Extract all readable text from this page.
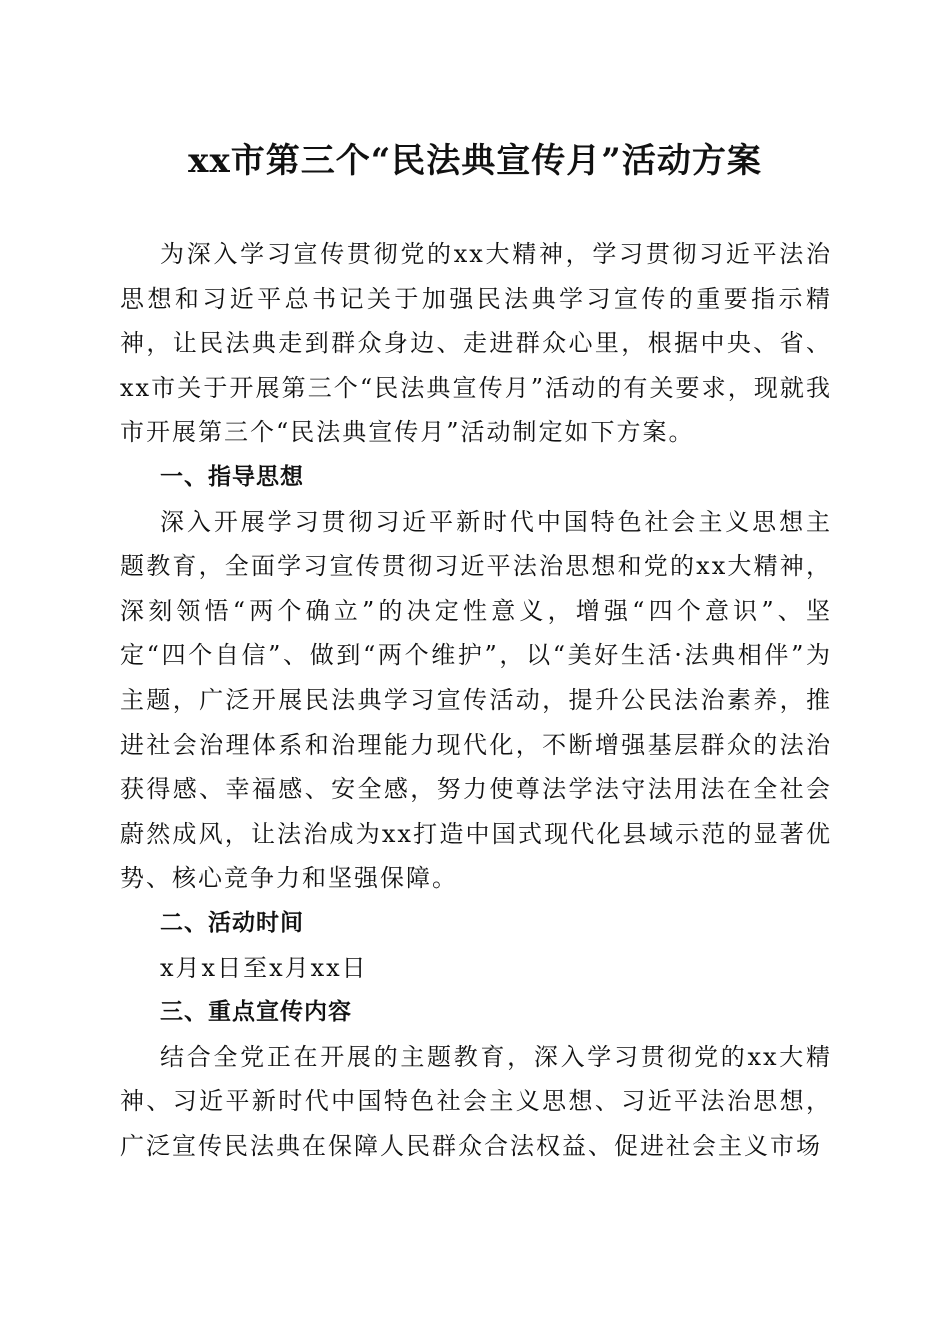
xx市第三个“民法典宣传月”活动方案

为深入学习宣传贯彻党的xx大精神，学习贯彻习近平法治思想和习近平总书记关于加强民法典学习宣传的重要指示精神，让民法典走到群众身边、走进群众心里，根据中央、省、xx市关于开展第三个“民法典宣传月”活动的有关要求，现就我市开展第三个“民法典宣传月”活动制定如下方案。

一、指导思想

深入开展学习贯彻习近平新时代中国特色社会主义思想主题教育，全面学习宣传贯彻习近平法治思想和党的xx大精神，深刻领悟“两个确立”的决定性意义，增强“四个意识”、坚定“四个自信”、做到“两个维护”，以“美好生活·法典相伴”为主题，广泛开展民法典学习宣传活动，提升公民法治素养，推进社会治理体系和治理能力现代化，不断增强基层群众的法治获得感、幸福感、安全感，努力使尊法学法守法用法在全社会蔚然成风，让法治成为xx打造中国式现代化县域示范的显著优势、核心竞争力和坚强保障。

二、活动时间

x月x日至x月xx日

三、重点宣传内容

结合全党正在开展的主题教育，深入学习贯彻党的xx大精神、习近平新时代中国特色社会主义思想、习近平法治思想，广泛宣传民法典在保障人民群众合法权益、促进社会主义市场
